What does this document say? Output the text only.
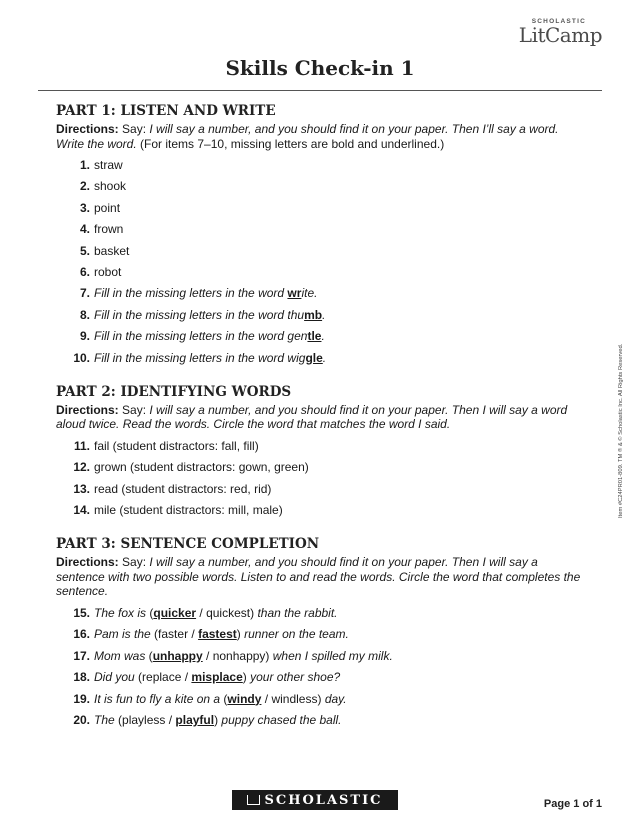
SCHOLASTIC
LitCamp
Skills Check-in 1
PART 1: LISTEN AND WRITE

Directions: Say: I will say a number, and you should find it on your paper. Then I’ll say a word. Write the word. (For items 7–10, missing letters are bold and underlined.)

1. straw
2. shook
3. point
4. frown
5. basket
6. robot
7. Fill in the missing letters in the word write.
8. Fill in the missing letters in the word thumb.
9. Fill in the missing letters in the word gentle.
10. Fill in the missing letters in the word wiggle.
PART 2: IDENTIFYING WORDS

Directions: Say: I will say a number, and you should find it on your paper. Then I will say a word aloud twice. Read the words. Circle the word that matches the word I said.

11. fail (student distractors: fall, fill)
12. grown (student distractors: gown, green)
13. read (student distractors: red, rid)
14. mile (student distractors: mill, male)
PART 3: SENTENCE COMPLETION

Directions: Say: I will say a number, and you should find it on your paper. Then I will say a sentence with two possible words. Listen to and read the words. Circle the word that completes the sentence.

15. The fox is (quicker / quickest) than the rabbit.
16. Pam is the (faster / fastest) runner on the team.
17. Mom was (unhappy / nonhappy) when I spilled my milk.
18. Did you (replace / misplace) your other shoe?
19. It is fun to fly a kite on a (windy / windless) day.
20. The (playless / playful) puppy chased the ball.
Item #C24PR01-809. TM ® & © Scholastic Inc. All Rights Reserved.
SCHOLASTIC	Page 1 of 1
